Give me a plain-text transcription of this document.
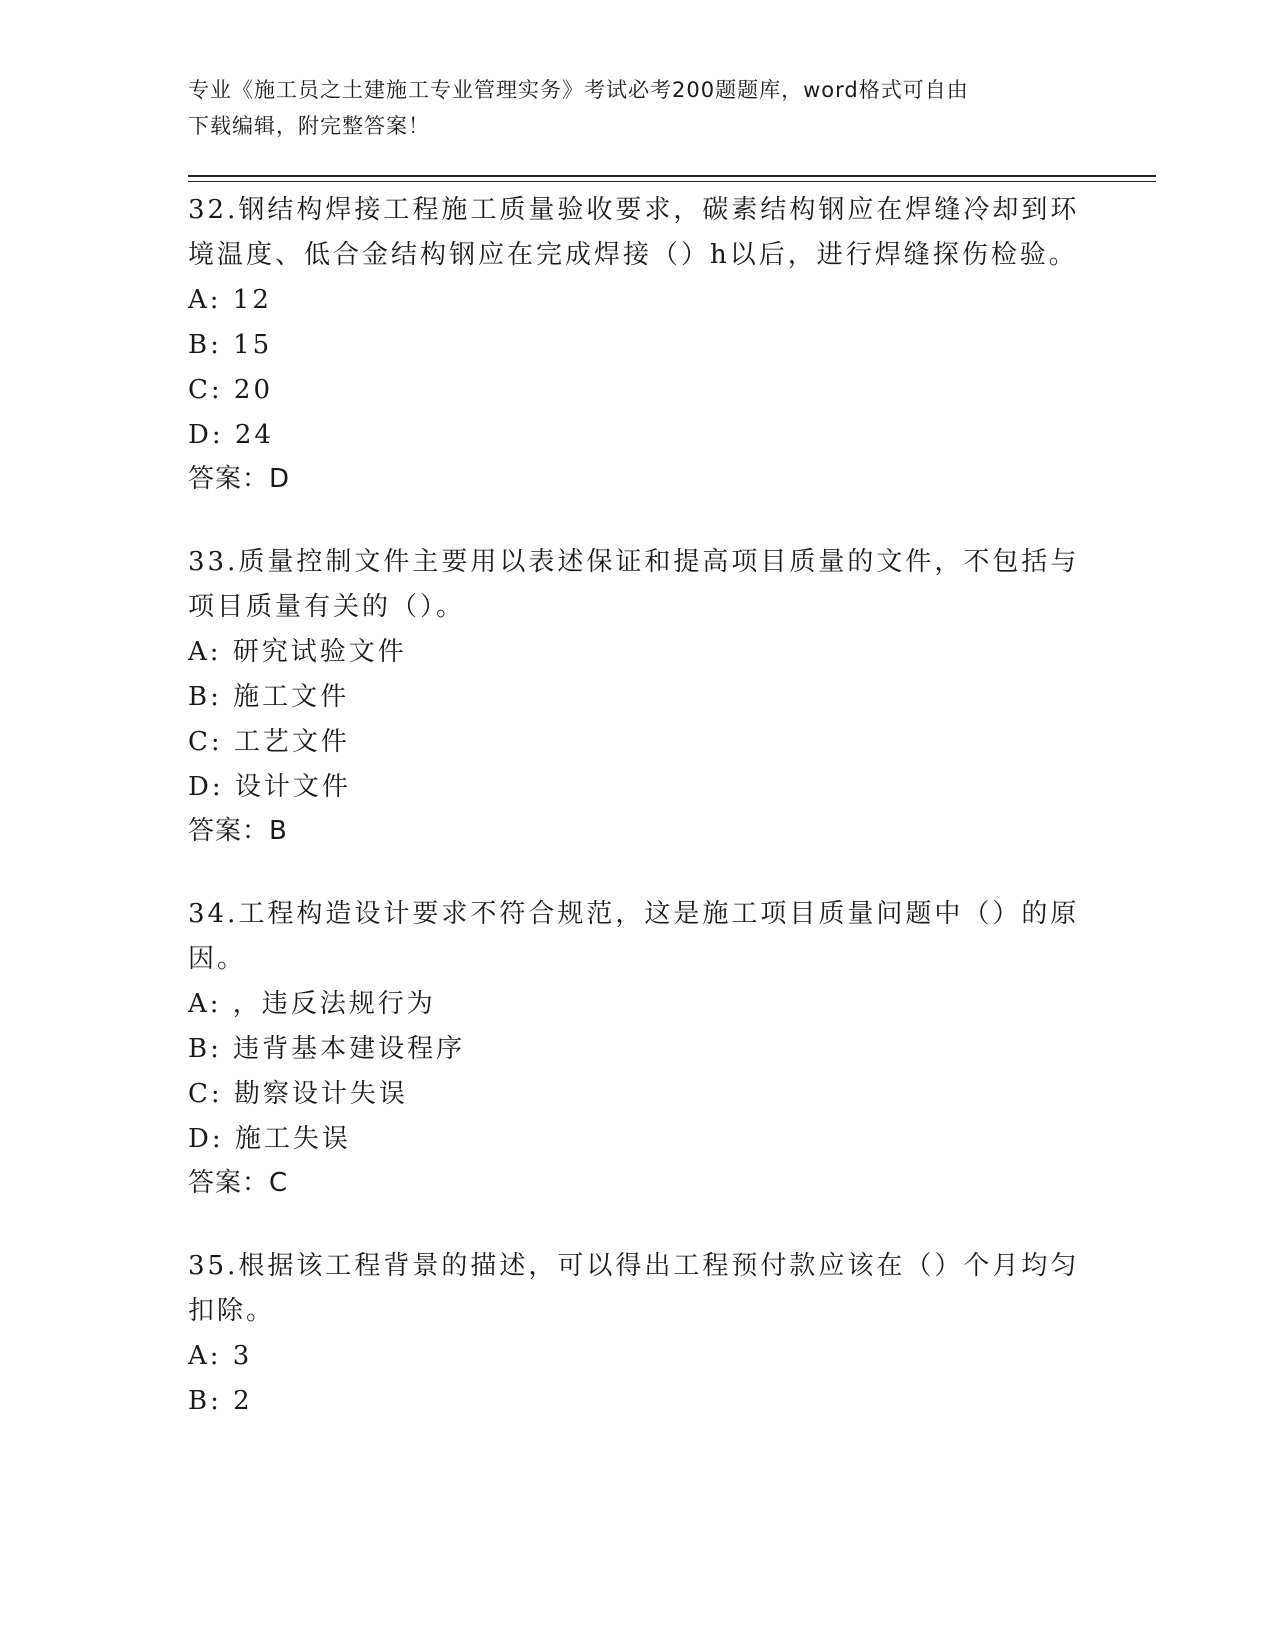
专业《施工员之土建施工专业管理实务》考试必考200题题库，word格式可自由
下载编辑，附完整答案！

32.钢结构焊接工程施工质量验收要求，碳素结构钢应在焊缝冷却到环境温度、低合金结构钢应在完成焊接（）h以后，进行焊缝探伤检验。

A: 12
B: 15
C: 20
D: 24
答案：D

33.质量控制文件主要用以表述保证和提高项目质量的文件，不包括与项目质量有关的（）。

A: 研究试验文件
B: 施工文件
C: 工艺文件
D: 设计文件
答案：B

34.工程构造设计要求不符合规范，这是施工项目质量问题中（）的原因。

A: ，违反法规行为
B: 违背基本建设程序
C: 勘察设计失误
D: 施工失误
答案：C

35.根据该工程背景的描述，可以得出工程预付款应该在（）个月均匀扣除。

A: 3
B: 2
